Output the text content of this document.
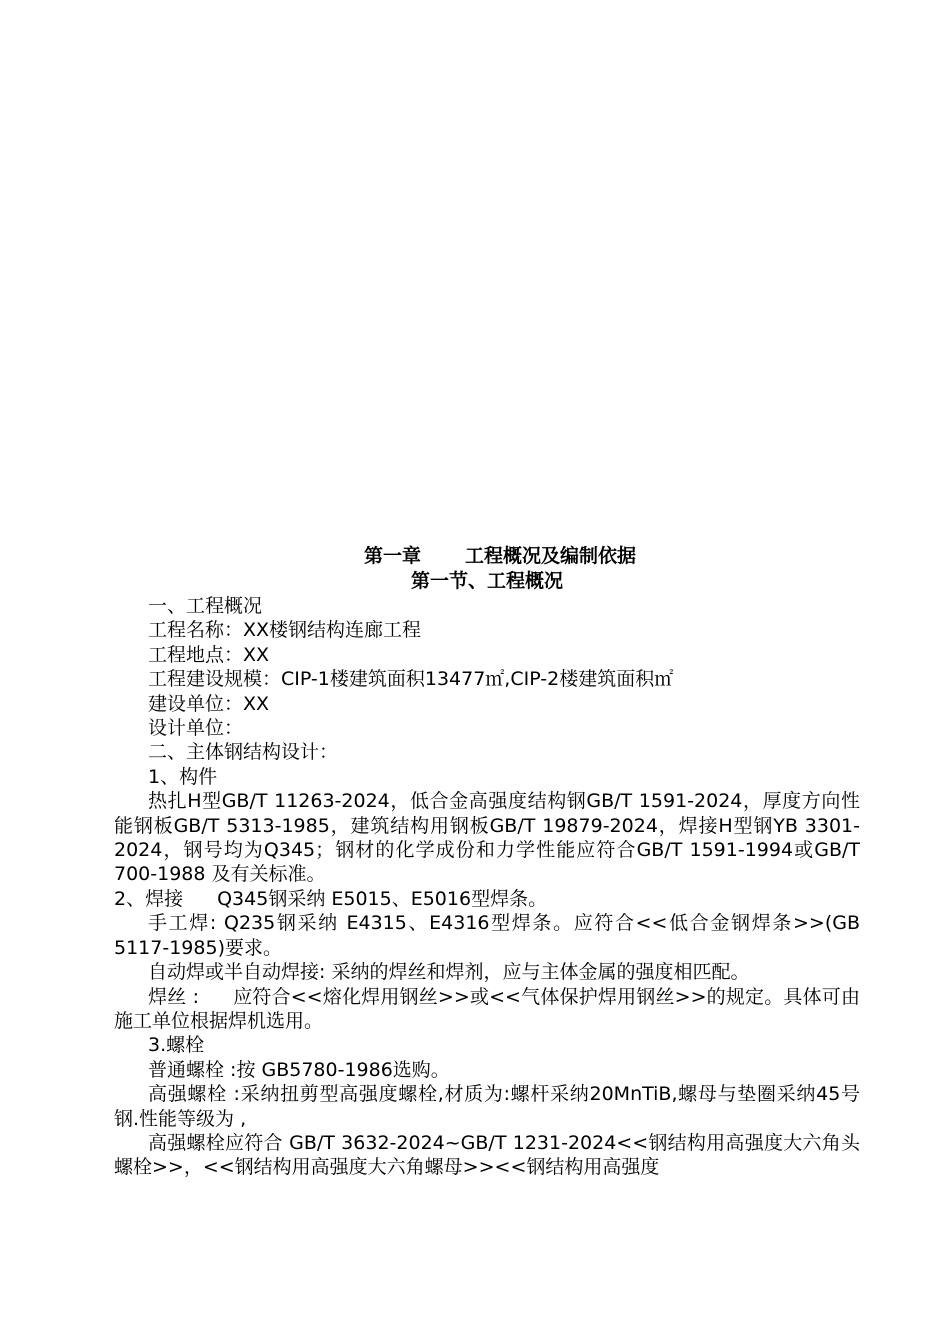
第一章 工程概况及编制依据

第一节、工程概况

一、工程概况

工程名称：XX楼钢结构连廊工程

工程地点：XX

工程建设规模：CIP-1楼建筑面积13477㎡,CIP-2楼建筑面积㎡

建设单位：XX

设计单位：

二、主体钢结构设计：

1、构件

热扎H型GB/T 11263-2024，低合金高强度结构钢GB/T 1591-2024，厚度方向性能钢板GB/T 5313-1985，建筑结构用钢板GB/T 19879-2024，焊接H型钢YB 3301-2024，钢号均为Q345；钢材的化学成份和力学性能应符合GB/T 1591-1994或GB/T 700-1988 及有关标准。

2、焊接 Q345钢采纳 E5015、E5016型焊条。

手工焊: Q235钢采纳 E4315、E4316型焊条。应符合<<低合金钢焊条>>(GB 5117-1985)要求。

自动焊或半自动焊接: 采纳的焊丝和焊剂，应与主体金属的强度相匹配。

焊丝 : 应符合<<熔化焊用钢丝>>或<<气体保护焊用钢丝>>的规定。具体可由施工单位根据焊机选用。

3.螺栓

普通螺栓 :按 GB5780-1986选购。

高强螺栓 :采纳扭剪型高强度螺栓,材质为:螺杆采纳20MnTiB,螺母与垫圈采纳45号钢.性能等级为 ,

高强螺栓应符合 GB/T 3632-2024~GB/T 1231-2024<<钢结构用高强度大六角头螺栓>>，<<钢结构用高强度大六角螺母>><<钢结构用高强度
